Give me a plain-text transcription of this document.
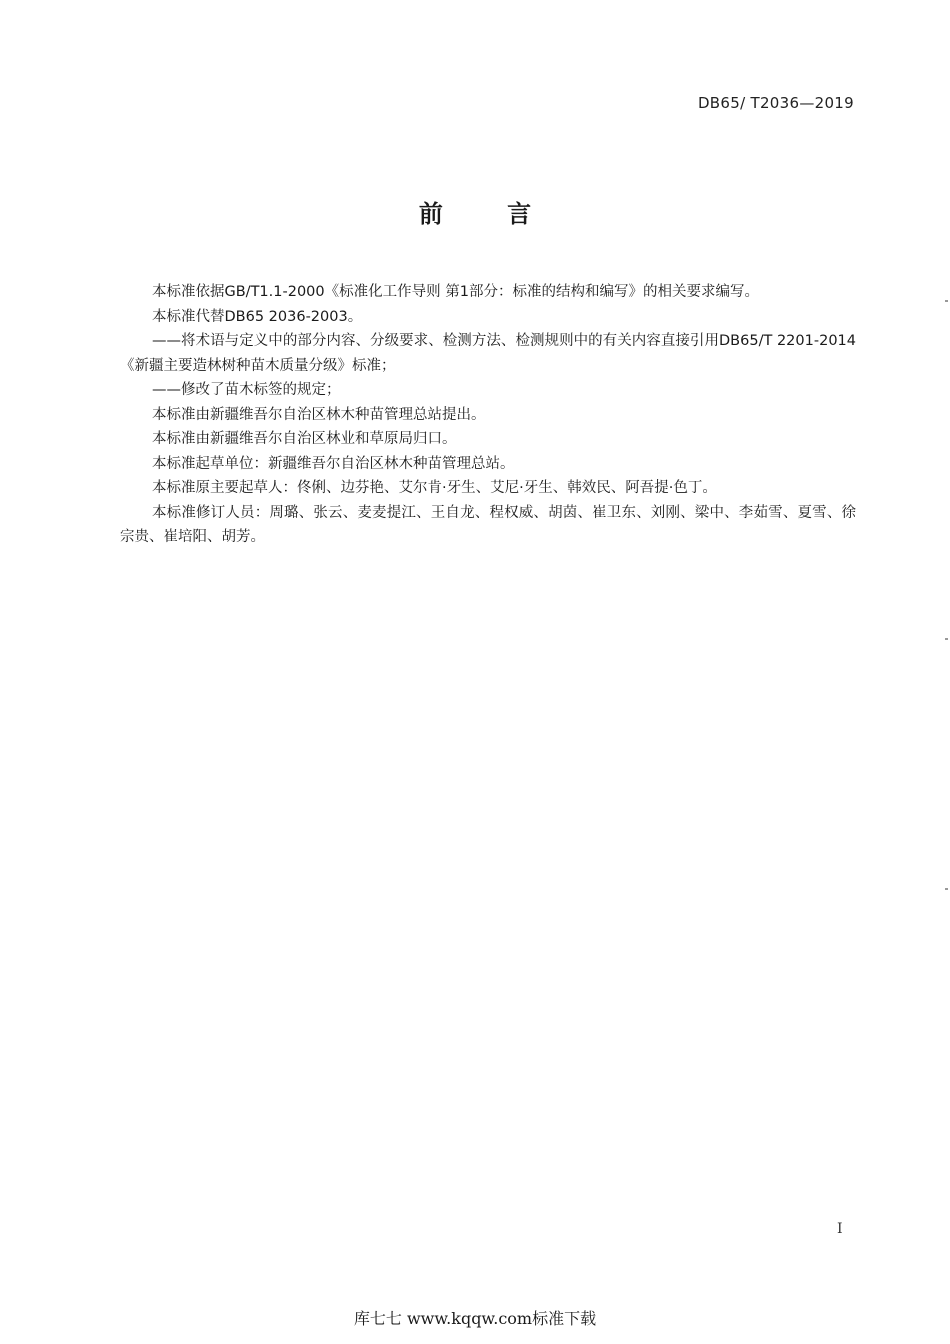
DB65/ T2036—2019
前 言

本标准依据GB/T1.1-2000《标准化工作导则 第1部分：标准的结构和编写》的相关要求编写。

本标准代替DB65 2036-2003。

——将术语与定义中的部分内容、分级要求、检测方法、检测规则中的有关内容直接引用DB65/T 2201-2014《新疆主要造林树种苗木质量分级》标准；

——修改了苗木标签的规定；

本标准由新疆维吾尔自治区林木种苗管理总站提出。

本标准由新疆维吾尔自治区林业和草原局归口。

本标准起草单位：新疆维吾尔自治区林木种苗管理总站。

本标准原主要起草人：佟俐、边芬艳、艾尔肯·牙生、艾尼·牙生、韩效民、阿吾提·色丁。

本标准修订人员：周璐、张云、麦麦提江、王自龙、程权威、胡茵、崔卫东、刘刚、梁中、李茹雪、夏雪、徐宗贵、崔培阳、胡芳。

I
库七七 www.kqqw.com标准下载
